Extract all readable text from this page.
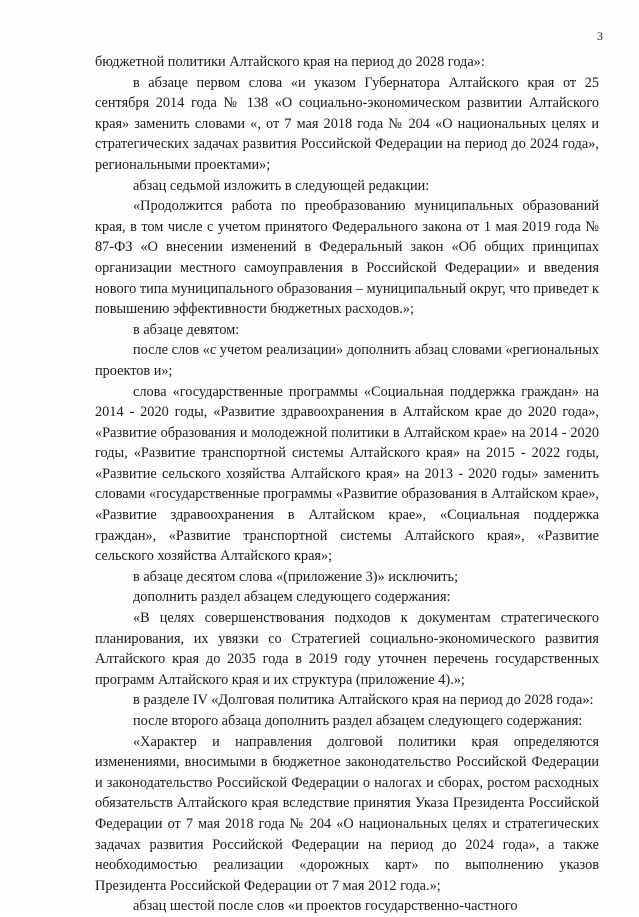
3

бюджетной политики Алтайского края на период до 2028 года»:

в абзаце первом слова «и указом Губернатора Алтайского края от 25 сентября 2014 года № 138 «О социально-экономическом развитии Алтайского края» заменить словами «, от 7 мая 2018 года № 204 «О национальных целях и стратегических задачах развития Российской Федерации на период до 2024 года», региональными проектами»;

абзац седьмой изложить в следующей редакции:

«Продолжится работа по преобразованию муниципальных образований края, в том числе с учетом принятого Федерального закона от 1 мая 2019 года № 87-ФЗ «О внесении изменений в Федеральный закон «Об общих принципах организации местного самоуправления в Российской Федерации» и введения нового типа муниципального образования – муниципальный округ, что приведет к повышению эффективности бюджетных расходов.»;

в абзаце девятом:

после слов «с учетом реализации» дополнить абзац словами «региональных проектов и»;

слова «государственные программы «Социальная поддержка граждан» на 2014 - 2020 годы, «Развитие здравоохранения в Алтайском крае до 2020 года», «Развитие образования и молодежной политики в Алтайском крае» на 2014 - 2020 годы, «Развитие транспортной системы Алтайского края» на 2015 - 2022 годы, «Развитие сельского хозяйства Алтайского края» на 2013 - 2020 годы» заменить словами «государственные программы «Развитие образования в Алтайском крае», «Развитие здравоохранения в Алтайском крае», «Социальная поддержка граждан», «Развитие транспортной системы Алтайского края», «Развитие сельского хозяйства Алтайского края»;

в абзаце десятом слова «(приложение 3)» исключить;

дополнить раздел абзацем следующего содержания:

«В целях совершенствования подходов к документам стратегического планирования, их увязки со Стратегией социально-экономического развития Алтайского края до 2035 года в 2019 году уточнен перечень государственных программ Алтайского края и их структура (приложение 4).»;

в разделе IV «Долговая политика Алтайского края на период до 2028 года»:

после второго абзаца дополнить раздел абзацем следующего содержания:

«Характер и направления долговой политики края определяются изменениями, вносимыми в бюджетное законодательство Российской Федерации и законодательство Российской Федерации о налогах и сборах, ростом расходных обязательств Алтайского края вследствие принятия Указа Президента Российской Федерации от 7 мая 2018 года № 204 «О национальных целях и стратегических задачах развития Российской Федерации на период до 2024 года», а также необходимостью реализации «дорожных карт» по выполнению указов Президента Российской Федерации от 7 мая 2012 года.»;

абзац шестой после слов «и проектов государственно-частного
